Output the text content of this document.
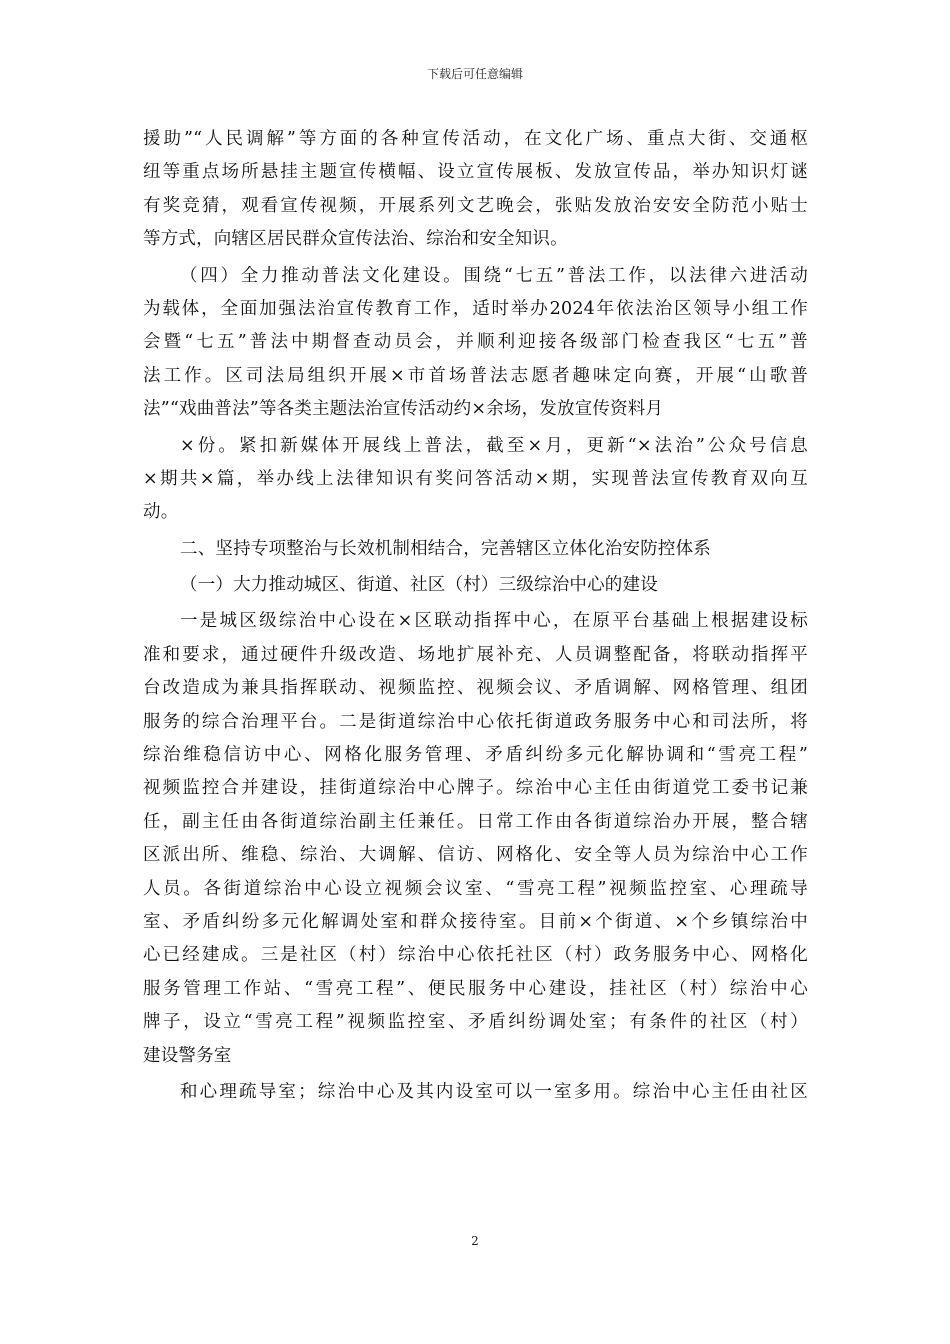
下载后可任意编辑
援助”“人民调解”等方面的各种宣传活动，在文化广场、重点大街、交通枢
纽等重点场所悬挂主题宣传横幅、设立宣传展板、发放宣传品，举办知识灯谜
有奖竞猜，观看宣传视频，开展系列文艺晚会，张贴发放治安安全防范小贴士
等方式，向辖区居民群众宣传法治、综治和安全知识。
（四）全力推动普法文化建设。围绕“七五”普法工作，以法律六进活动
为载体，全面加强法治宣传教育工作，适时举办2024年依法治区领导小组工作
会暨“七五”普法中期督查动员会，并顺利迎接各级部门检查我区“七五”普
法工作。区司法局组织开展×市首场普法志愿者趣味定向赛，开展“山歌普
法”“戏曲普法”等各类主题法治宣传活动约×余场，发放宣传资料月
×份。紧扣新媒体开展线上普法，截至×月，更新“×法治”公众号信息
×期共×篇，举办线上法律知识有奖问答活动×期，实现普法宣传教育双向互
动。
二、坚持专项整治与长效机制相结合，完善辖区立体化治安防控体系
（一）大力推动城区、街道、社区（村）三级综治中心的建设
一是城区级综治中心设在×区联动指挥中心，在原平台基础上根据建设标
准和要求，通过硬件升级改造、场地扩展补充、人员调整配备，将联动指挥平
台改造成为兼具指挥联动、视频监控、视频会议、矛盾调解、网格管理、组团
服务的综合治理平台。二是街道综治中心依托街道政务服务中心和司法所，将
综治维稳信访中心、网格化服务管理、矛盾纠纷多元化解协调和“雪亮工程”
视频监控合并建设，挂街道综治中心牌子。综治中心主任由街道党工委书记兼
任，副主任由各街道综治副主任兼任。日常工作由各街道综治办开展，整合辖
区派出所、维稳、综治、大调解、信访、网格化、安全等人员为综治中心工作
人员。各街道综治中心设立视频会议室、“雪亮工程”视频监控室、心理疏导
室、矛盾纠纷多元化解调处室和群众接待室。目前×个街道、×个乡镇综治中
心已经建成。三是社区（村）综治中心依托社区（村）政务服务中心、网格化
服务管理工作站、“雪亮工程”、便民服务中心建设，挂社区（村）综治中心
牌子，设立“雪亮工程”视频监控室、矛盾纠纷调处室；有条件的社区（村）
建设警务室
和心理疏导室；综治中心及其内设室可以一室多用。综治中心主任由社区
2
